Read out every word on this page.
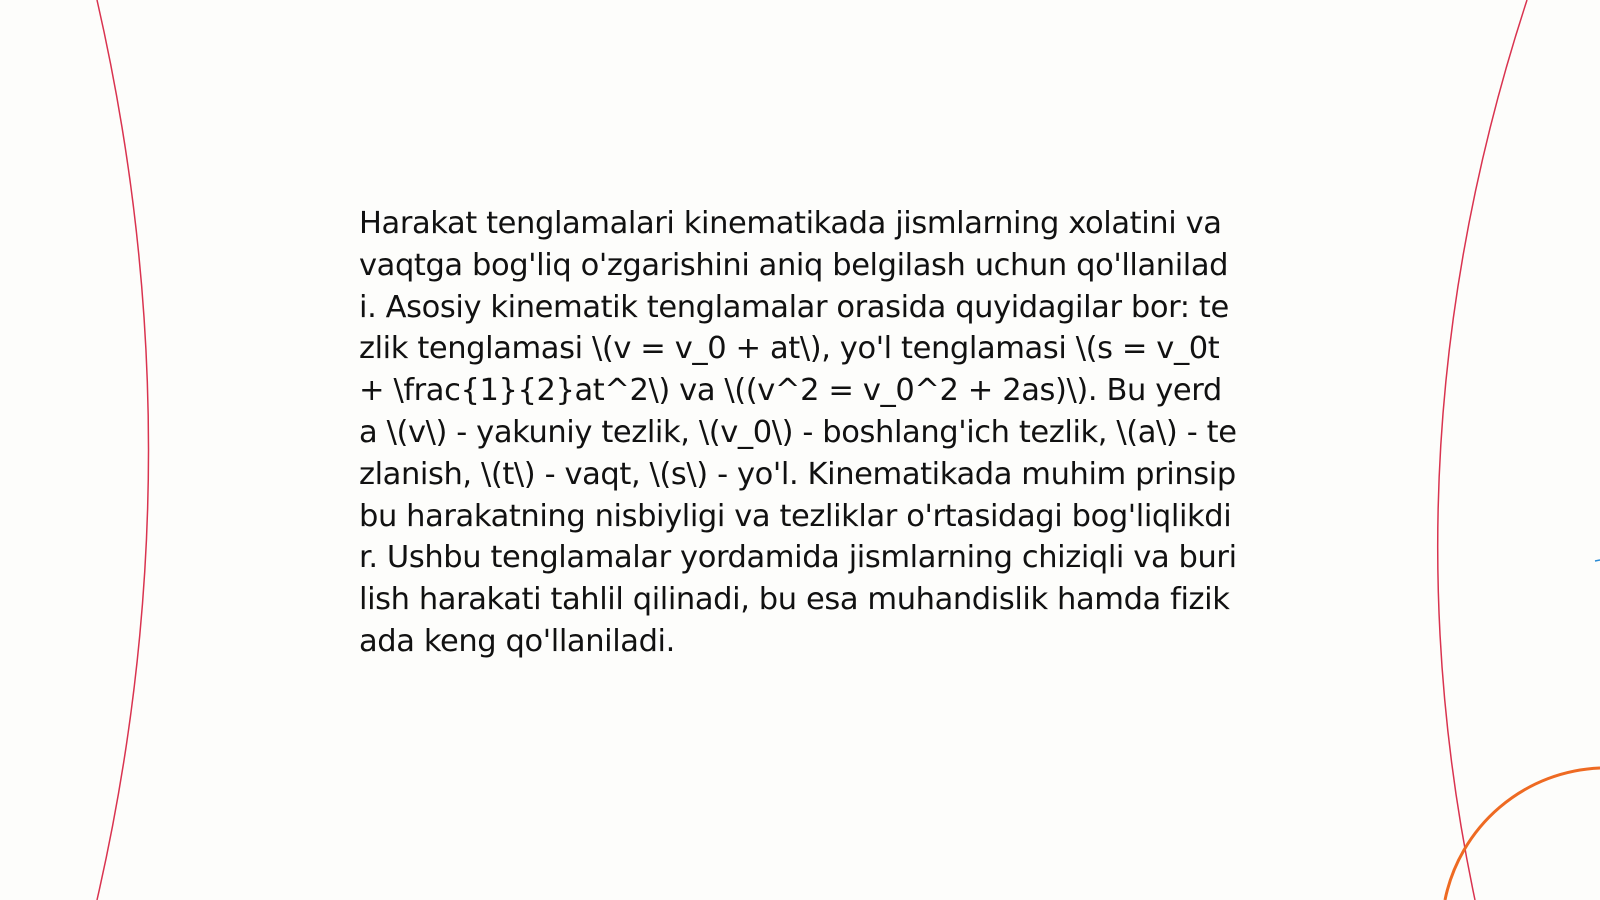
Harakat tenglamalari kinematikada jismlarning xolatini va vaqtga bog'liq o'zgarishini aniq belgilash uchun qo'llaniladi. Asosiy kinematik tenglamalar orasida quyidagilar bor: tezlik tenglamasi \(v = v_0 + at\), yo'l tenglamasi \(s = v_0t + \frac{1}{2}at^2\) va \((v^2 = v_0^2 + 2as)\). Bu yerda \(v\) - yakuniy tezlik, \(v_0\) - boshlang'ich tezlik, \(a\) - tezlanish, \(t\) - vaqt, \(s\) - yo'l. Kinematikada muhim prinsip bu harakatning nisbiyligi va tezliklar o'rtasidagi bog'liqlikdir. Ushbu tenglamalar yordamida jismlarning chiziqli va burilish harakati tahlil qilinadi, bu esa muhandislik hamda fizikada keng qo'llaniladi.
